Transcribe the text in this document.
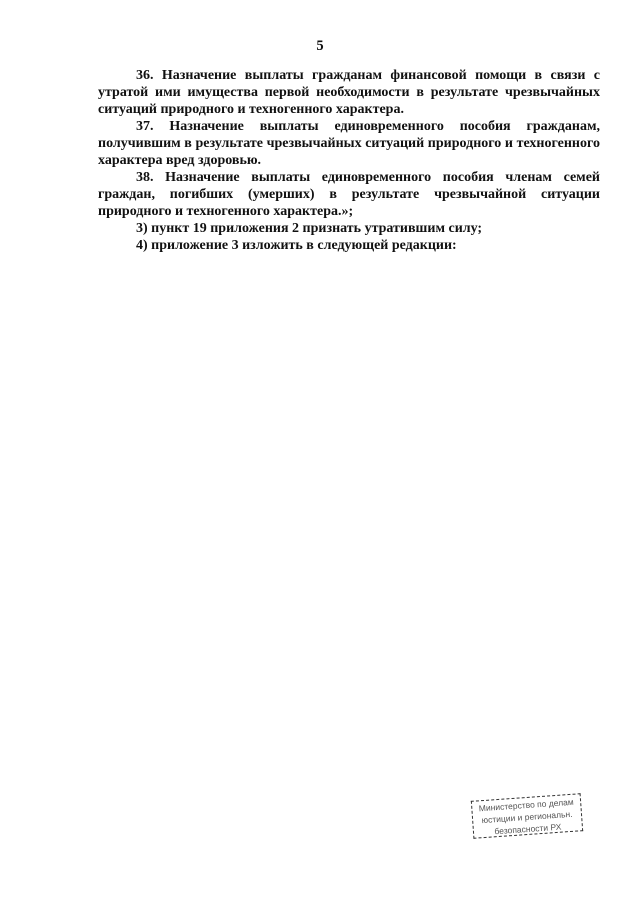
5

36. Назначение выплаты гражданам финансовой помощи в связи с утратой ими имущества первой необходимости в результате чрезвычайных ситуаций природного и техногенного характера.

37. Назначение выплаты единовременного пособия гражданам, получившим в результате чрезвычайных ситуаций природного и техногенного характера вред здоровью.

38. Назначение выплаты единовременного пособия членам семей граждан, погибших (умерших) в результате чрезвычайной ситуации природного и техногенного характера.»;

3) пункт 19 приложения 2 признать утратившим силу;

4) приложение 3 изложить в следующей редакции:

Министерство по делам
юстиции и региональн.
безопасности РХ
